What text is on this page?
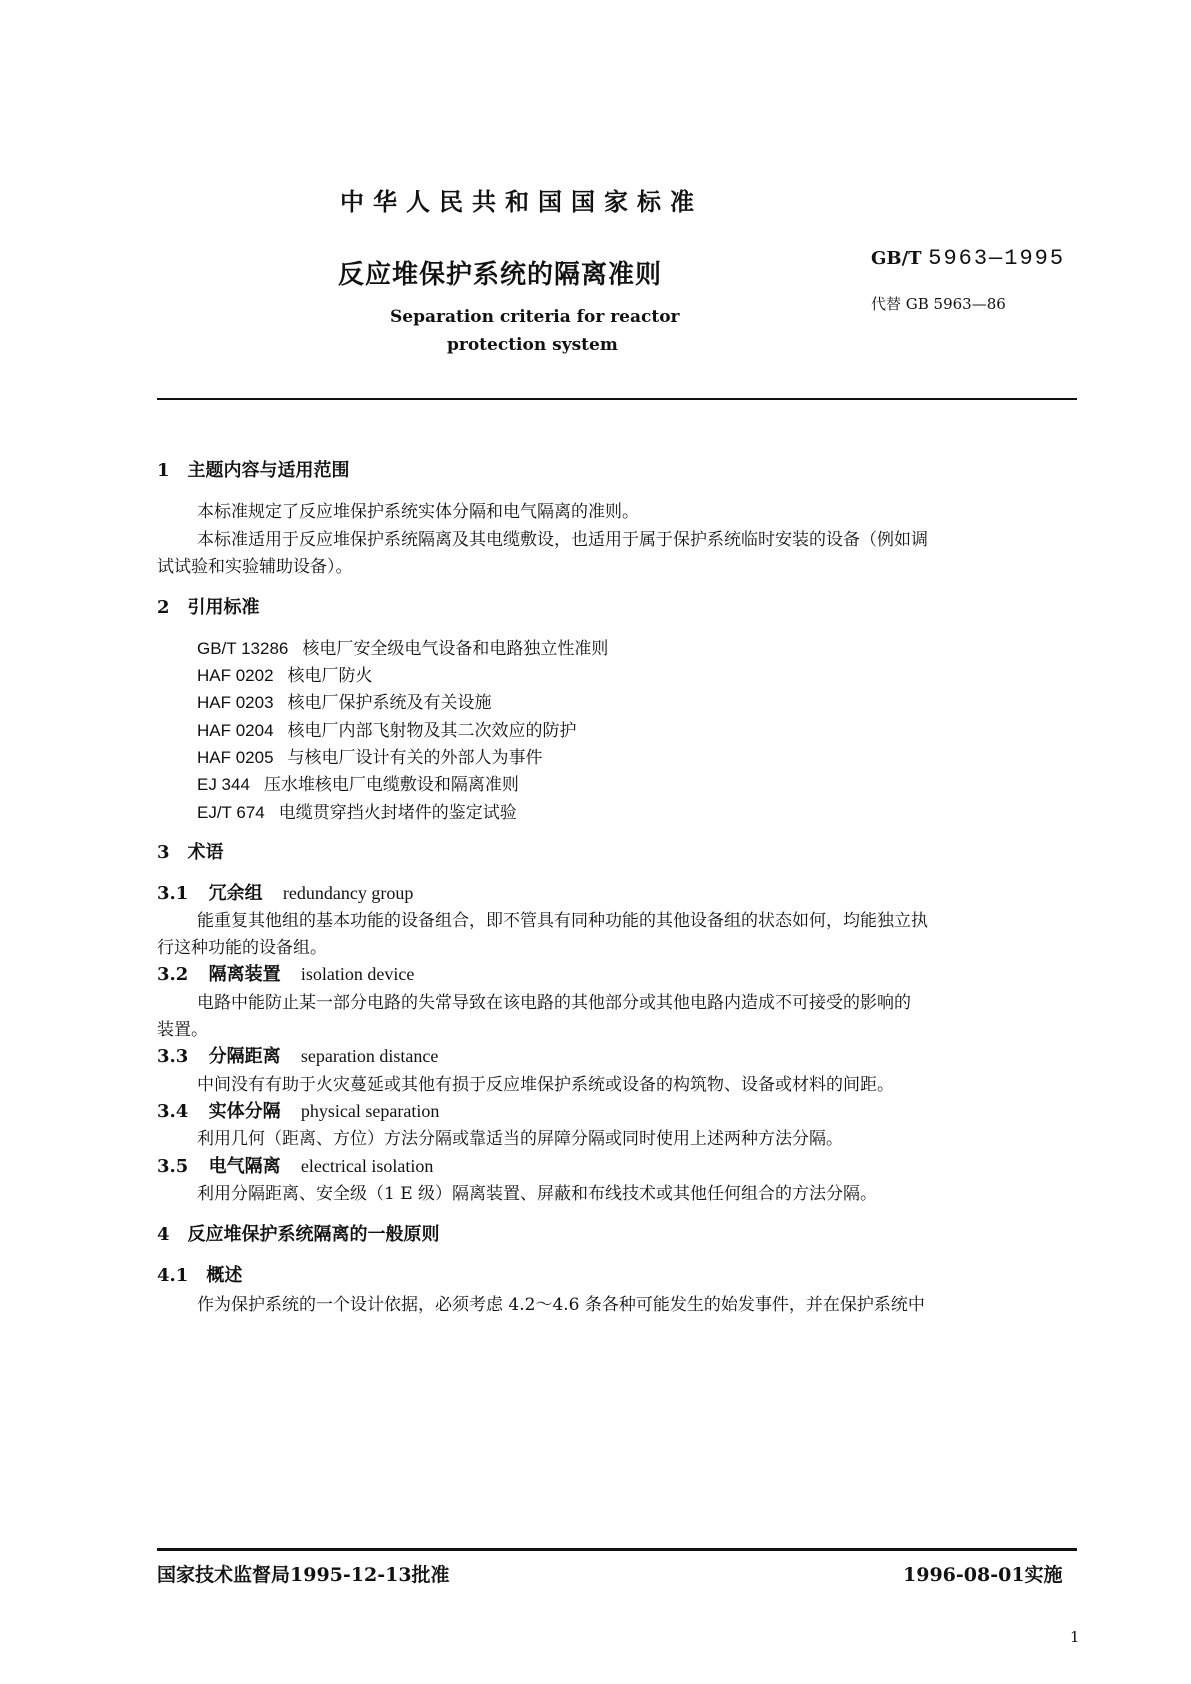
中华人民共和国国家标准
反应堆保护系统的隔离准则
GB/T 5963—1995
代替 GB 5963—86
Separation criteria for reactor
protection system
1　主题内容与适用范围
本标准规定了反应堆保护系统实体分隔和电气隔离的准则。
本标准适用于反应堆保护系统隔离及其电缆敷设，也适用于属于保护系统临时安装的设备（例如调
试试验和实验辅助设备）。
2　引用标准
GB/T 13286 核电厂安全级电气设备和电路独立性准则
HAF 0202 核电厂防火
HAF 0203 核电厂保护系统及有关设施
HAF 0204 核电厂内部飞射物及其二次效应的防护
HAF 0205 与核电厂设计有关的外部人为事件
EJ 344 压水堆核电厂电缆敷设和隔离准则
EJ/T 674 电缆贯穿挡火封堵件的鉴定试验
3　术语
3.1 冗余组 redundancy group
能重复其他组的基本功能的设备组合，即不管具有同种功能的其他设备组的状态如何，均能独立执
行这种功能的设备组。
3.2 隔离装置 isolation device
电路中能防止某一部分电路的失常导致在该电路的其他部分或其他电路内造成不可接受的影响的
装置。
3.3 分隔距离 separation distance
中间没有有助于火灾蔓延或其他有损于反应堆保护系统或设备的构筑物、设备或材料的间距。
3.4 实体分隔 physical separation
利用几何（距离、方位）方法分隔或靠适当的屏障分隔或同时使用上述两种方法分隔。
3.5 电气隔离 electrical isolation
利用分隔距离、安全级（1 E 级）隔离装置、屏蔽和布线技术或其他任何组合的方法分隔。
4　反应堆保护系统隔离的一般原则
4.1　概述
作为保护系统的一个设计依据，必须考虑 4.2～4.6 条各种可能发生的始发事件，并在保护系统中
国家技术监督局1995-12-13批准	1996-08-01实施
1
